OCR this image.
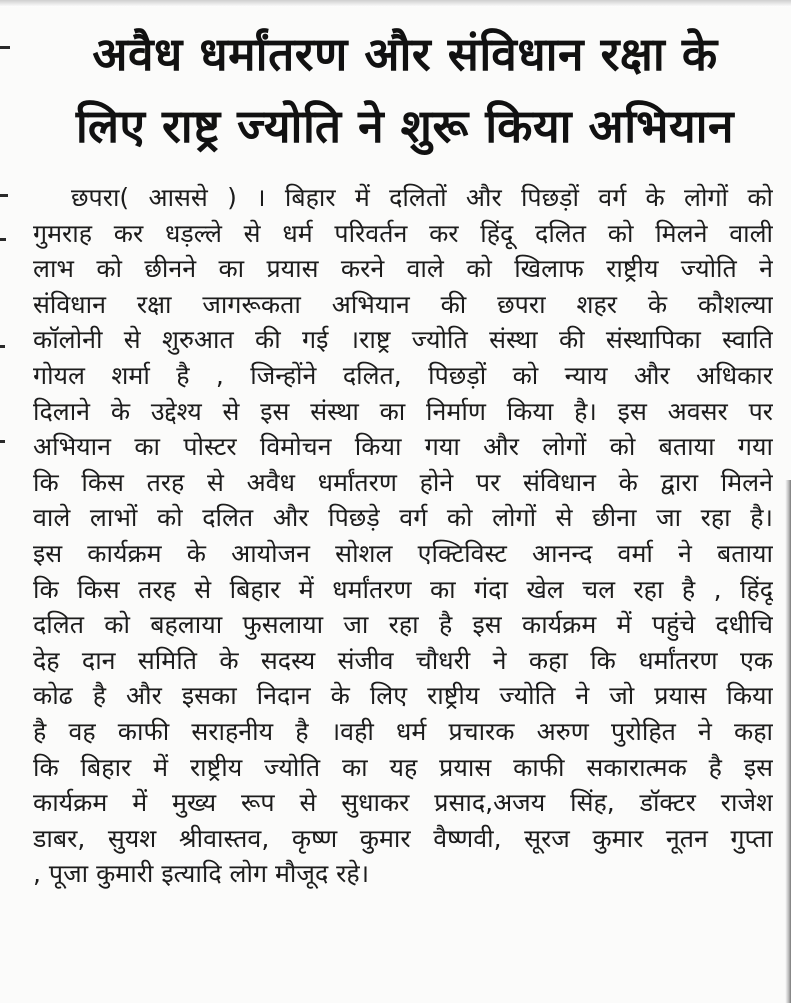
अवैध धर्मांतरण और संविधान रक्षा के
लिए राष्ट्र ज्योति ने शुरू किया अभियान
छपरा( आससे ) । बिहार में दलितों और पिछड़ों वर्ग के लोगों को
गुमराह कर धड़ल्ले से धर्म परिवर्तन कर हिंदू दलित को मिलने वाली
लाभ को छीनने का प्रयास करने वाले को खिलाफ राष्ट्रीय ज्योति ने
संविधान रक्षा जागरूकता अभियान की छपरा शहर के कौशल्या
कॉलोनी से शुरुआत की गई ।राष्ट्र ज्योति संस्था की संस्थापिका स्वाति
गोयल शर्मा है , जिन्होंने दलित, पिछड़ों को न्याय और अधिकार
दिलाने के उद्देश्य से इस संस्था का निर्माण किया है। इस अवसर पर
अभियान का पोस्टर विमोचन किया गया और लोगों को बताया गया
कि किस तरह से अवैध धर्मांतरण होने पर संविधान के द्वारा मिलने
वाले लाभों को दलित और पिछड़े वर्ग को लोगों से छीना जा रहा है।
इस कार्यक्रम के आयोजन सोशल एक्टिविस्ट आनन्द वर्मा ने बताया
कि किस तरह से बिहार में धर्मांतरण का गंदा खेल चल रहा है , हिंदू
दलित को बहलाया फुसलाया जा रहा है इस कार्यक्रम में पहुंचे दधीचि
देह दान समिति के सदस्य संजीव चौधरी ने कहा कि धर्मांतरण एक
कोढ है और इसका निदान के लिए राष्ट्रीय ज्योति ने जो प्रयास किया
है वह काफी सराहनीय है ।वही धर्म प्रचारक अरुण पुरोहित ने कहा
कि बिहार में राष्ट्रीय ज्योति का यह प्रयास काफी सकारात्मक है इस
कार्यक्रम में मुख्य रूप से सुधाकर प्रसाद,अजय सिंह, डॉक्टर राजेश
डाबर, सुयश श्रीवास्तव, कृष्ण कुमार वैष्णवी, सूरज कुमार नूतन गुप्ता
, पूजा कुमारी इत्यादि लोग मौजूद रहे।
